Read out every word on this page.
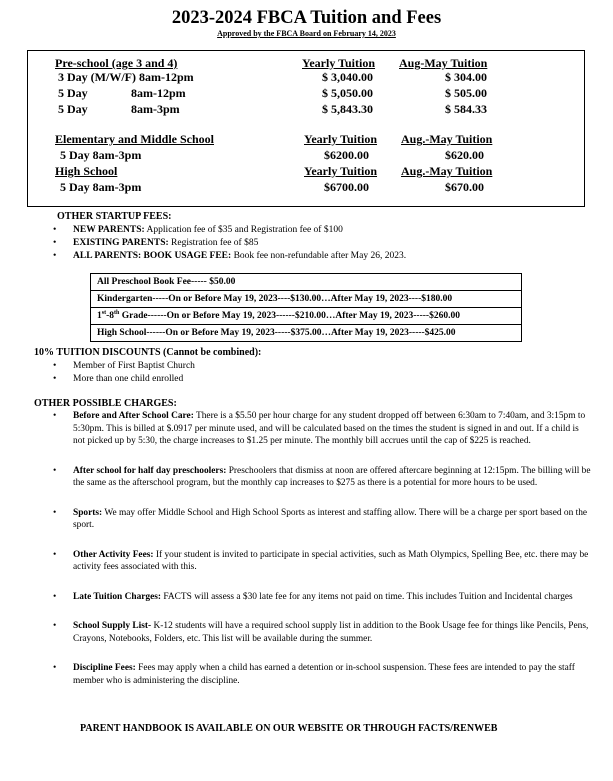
2023-2024 FBCA Tuition and Fees
Approved by the FBCA Board on February 14, 2023
Pre-school (age 3 and 4)	Yearly Tuition Aug-May Tuition
3 Day (M/W/F) 8am-12pm	$ 3,040.00	$ 304.00
5 Day	8am-12pm	$ 5,050.00	$ 505.00
5 Day	8am-3pm	$ 5,843.30	$ 584.33
Elementary and Middle School	Yearly Tuition Aug.-May Tuition
5 Day 8am-3pm	$6200.00	$620.00
High School	Yearly Tuition Aug.-May Tuition
5 Day 8am-3pm	$6700.00	$670.00
OTHER STARTUP FEES:
• NEW PARENTS: Application fee of $35 and Registration fee of $100
• EXISTING PARENTS: Registration fee of $85
• ALL PARENTS: BOOK USAGE FEE: Book fee non-refundable after May 26, 2023.
All Preschool Book Fee----- $50.00
Kindergarten-----On or Before May 19, 2023----$130.00…After May 19, 2023----$180.00
1st-8th Grade------On or Before May 19, 2023------$210.00…After May 19, 2023-----$260.00
High School------On or Before May 19, 2023-----$375.00…After May 19, 2023-----$425.00
10% TUITION DISCOUNTS (Cannot be combined):
• Member of First Baptist Church
• More than one child enrolled
OTHER POSSIBLE CHARGES:
• Before and After School Care: There is a $5.50 per hour charge for any student dropped off between 6:30am to 7:40am, and 3:15pm to 5:30pm. This is billed at $.0917 per minute used, and will be calculated based on the times the student is signed in and out. If a child is not picked up by 5:30, the charge increases to $1.25 per minute. The monthly bill accrues until the cap of $225 is reached.
• After school for half day preschoolers: Preschoolers that dismiss at noon are offered aftercare beginning at 12:15pm. The billing will be the same as the afterschool program, but the monthly cap increases to $275 as there is a potential for more hours to be used.
• Sports: We may offer Middle School and High School Sports as interest and staffing allow. There will be a charge per sport based on the sport.
• Other Activity Fees: If your student is invited to participate in special activities, such as Math Olympics, Spelling Bee, etc. there may be activity fees associated with this.
• Late Tuition Charges: FACTS will assess a $30 late fee for any items not paid on time. This includes Tuition and Incidental charges
• School Supply List- K-12 students will have a required school supply list in addition to the Book Usage fee for things like Pencils, Pens, Crayons, Notebooks, Folders, etc. This list will be available during the summer.
• Discipline Fees: Fees may apply when a child has earned a detention or in-school suspension. These fees are intended to pay the staff member who is administering the discipline.
PARENT HANDBOOK IS AVAILABLE ON OUR WEBSITE OR THROUGH FACTS/RENWEB
